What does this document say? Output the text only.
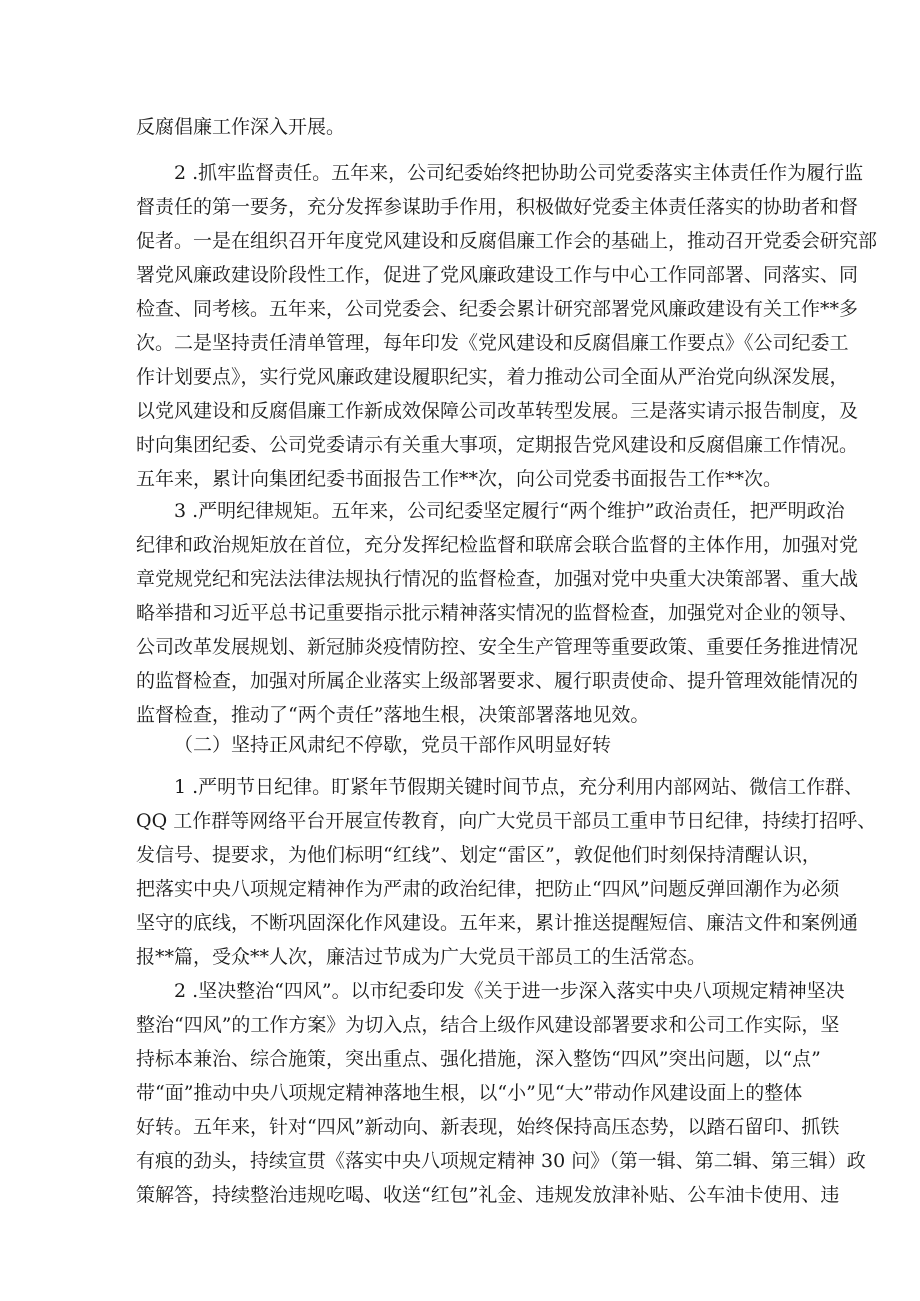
反腐倡廉工作深入开展。

2 .抓牢监督责任。五年来，公司纪委始终把协助公司党委落实主体责任作为履行监
督责任的第一要务，充分发挥参谋助手作用，积极做好党委主体责任落实的协助者和督
促者。一是在组织召开年度党风建设和反腐倡廉工作会的基础上，推动召开党委会研究部
署党风廉政建设阶段性工作，促进了党风廉政建设工作与中心工作同部署、同落实、同
检查、同考核。五年来，公司党委会、纪委会累计研究部署党风廉政建设有关工作**多
次。二是坚持责任清单管理，每年印发《党风建设和反腐倡廉工作要点》《公司纪委工
作计划要点》，实行党风廉政建设履职纪实，着力推动公司全面从严治党向纵深发展，
以党风建设和反腐倡廉工作新成效保障公司改革转型发展。三是落实请示报告制度，及
时向集团纪委、公司党委请示有关重大事项，定期报告党风建设和反腐倡廉工作情况。
五年来，累计向集团纪委书面报告工作**次，向公司党委书面报告工作**次。

3 .严明纪律规矩。五年来，公司纪委坚定履行“两个维护”政治责任，把严明政治
纪律和政治规矩放在首位，充分发挥纪检监督和联席会联合监督的主体作用，加强对党
章党规党纪和宪法法律法规执行情况的监督检查，加强对党中央重大决策部署、重大战
略举措和习近平总书记重要指示批示精神落实情况的监督检查，加强党对企业的领导、
公司改革发展规划、新冠肺炎疫情防控、安全生产管理等重要政策、重要任务推进情况
的监督检查，加强对所属企业落实上级部署要求、履行职责使命、提升管理效能情况的
监督检查，推动了“两个责任”落地生根，决策部署落地见效。

（二）坚持正风肃纪不停歇，党员干部作风明显好转

1 .严明节日纪律。盯紧年节假期关键时间节点，充分利用内部网站、微信工作群、
QQ 工作群等网络平台开展宣传教育，向广大党员干部员工重申节日纪律，持续打招呼、
发信号、提要求，为他们标明“红线”、划定“雷区”，敦促他们时刻保持清醒认识，
把落实中央八项规定精神作为严肃的政治纪律，把防止“四风”问题反弹回潮作为必须
坚守的底线，不断巩固深化作风建设。五年来，累计推送提醒短信、廉洁文件和案例通
报**篇，受众**人次，廉洁过节成为广大党员干部员工的生活常态。

2 .坚决整治“四风”。以市纪委印发《关于进一步深入落实中央八项规定精神坚决
整治“四风”的工作方案》为切入点，结合上级作风建设部署要求和公司工作实际，坚
持标本兼治、综合施策，突出重点、强化措施，深入整饬“四风”突出问题，以“点”
带“面”推动中央八项规定精神落地生根，以“小”见“大”带动作风建设面上的整体
好转。五年来，针对“四风”新动向、新表现，始终保持高压态势，以踏石留印、抓铁
有痕的劲头，持续宣贯《落实中央八项规定精神 30 问》（第一辑、第二辑、第三辑）政
策解答，持续整治违规吃喝、收送“红包”礼金、违规发放津补贴、公车油卡使用、违
